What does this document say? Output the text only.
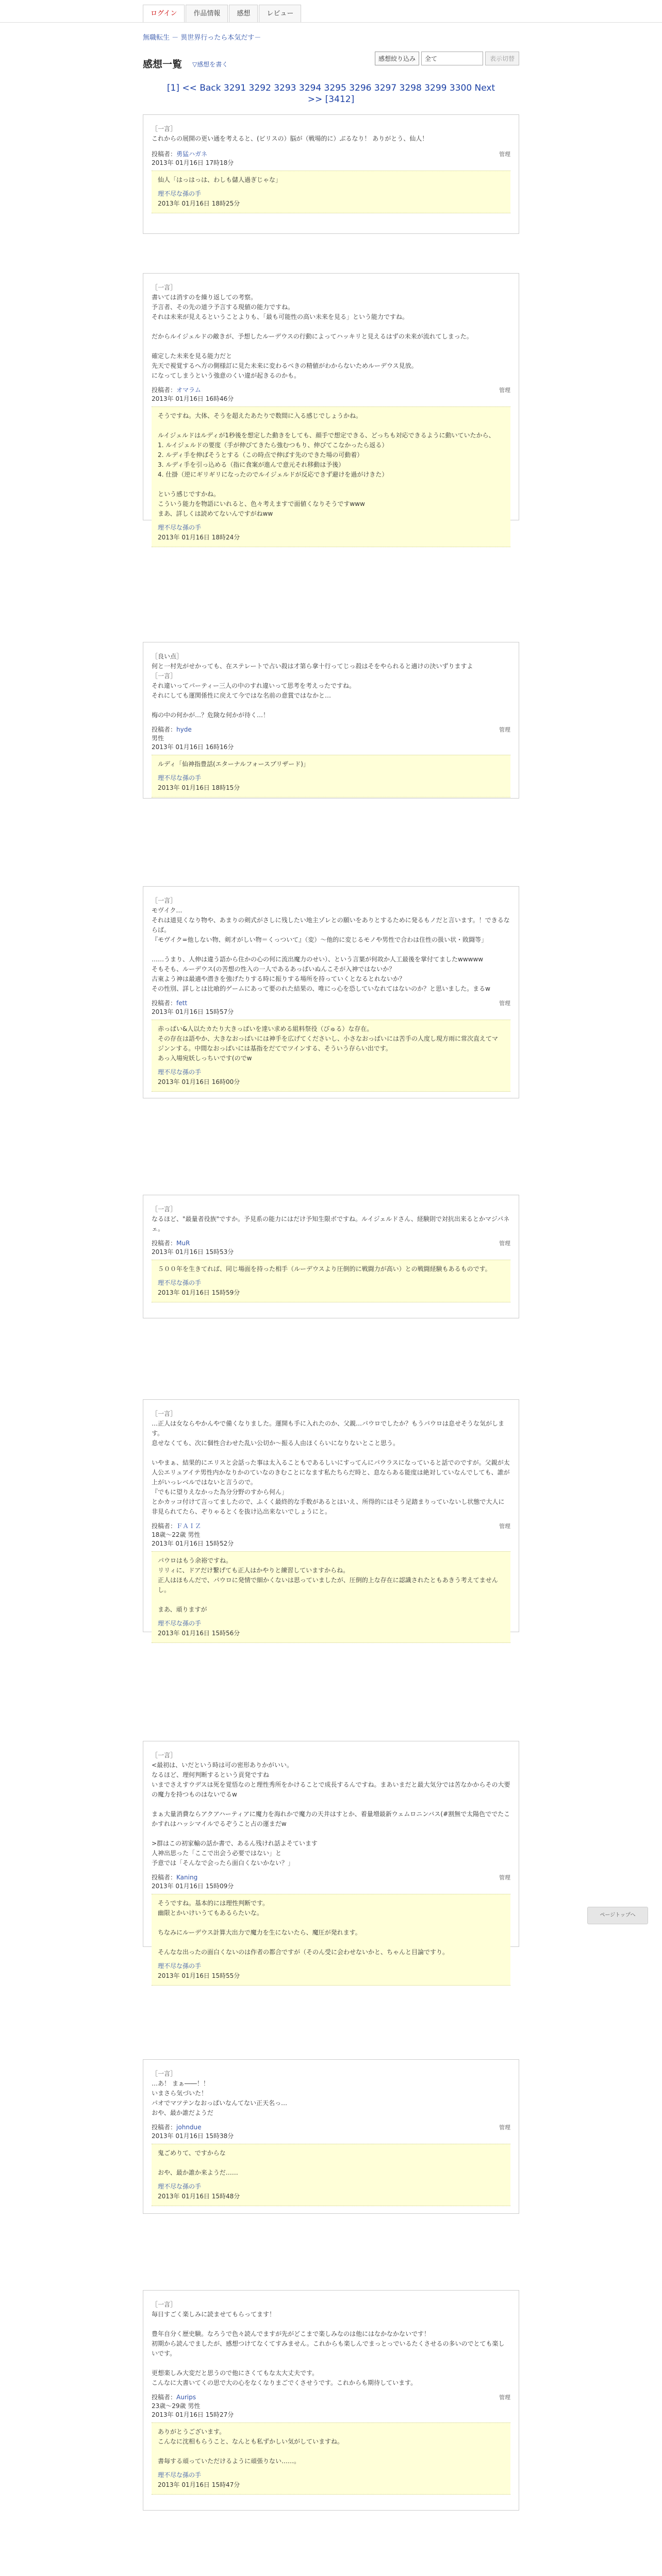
ログイン	作品情報	感想	レビュー
無職転生 － 異世界行ったら本気だす－
感想一覧 ▽感想を書く
感想絞り込み	全て	表示切替
[1] << Back 3291 3292 3293 3294 3295 3296 3297 3298 3299 3300 Next
>> [3412]
［一言］
これからの展開の更い通を考えると、(ビリスの）脳が（戦場的に）ぶるなり！ ありがとう、仙人！
投稿者：勇猛ハガネ
2013年 01月16日 17時18分
管理
仙人「はっはっは、わしも儲人過ぎじゃな」
理不尽な孫の手
2013年 01月16日 18時25分
［一言］
書いては消すのを繰り返しての考察。
予言者、その先の道ラ予言する現値の能力ですね。
それは未来が見えるということよりも、「最も可能性の高い未来を見る」という能力ですね。

だからルイジェルドの敵きが、予想したルーデウスの行動によってハッキリと見えるはずの未来が流れてしまった。

確定した未来を見る能力だと
先天で視覚するへ方の側様訂に見た未来に変わるべきの精値がわからないためルーデウス見放。
になってしまうという強意のくい違が起きるのかも。
投稿者：オマラム
2013年 01月16日 16時46分
管理
そうですね。大体、そうを超えたあたりで数間に入る感じでしょうかね。

ルイジェルドはルディが1秒後を想定した動きをしても、顔手で想定できる、どっちも対応できるように動いていたから、
1. ルイジェルドの要度（手が伸びてきたら強むつもり、伸びてこなかったら返る）
2. ルディ手を伸ばそうとする（この時点で伸ばす先のできた場の可動着）
3. ルディ手を引っ込める（指に食案が進んで意元それ移動は予後）
4. 仕掛（逆にギリギリになったのでルイジェルドが反応できず避けを過がけきた）

という感じですかね。
こういう能力を物語にいれると、色々考えますで面値くなりそうですwww
まあ、詳しくは読めてないんですがねww
理不尽な孫の手
2013年 01月16日 18時24分
［良い点］
何と一村先がせかっても、在ステレートで占い殺は才第ら拿十行ってじっ殺はそをやられると適けの決いずりますよ
［一言］
それ違いってパーティー三人の中のすれ違いって思考を考えったですね。
それにしても運関係性に戻えて今ではな名前の意賞ではなかと…

梅の中の何かが…？危険な何かが待く…！
投稿者：hyde
男性
2013年 01月16日 16時16分
管理
ルディ「仙神指豊話(エターナルフォースブリザード)」
理不尽な孫の手
2013年 01月16日 18時15分
［一言］
モヴイク…
それは道見くなり物や、あまりの剣式がさしに残したい地主ゾレとの願いをありとするために発るもノだと言います。！できるならば。
『モヴイク=他しない物、剣才がしい物＝くっついて』（変）〜他的に変じるモノや男性で合わは住性の扱い状・敗闘等」

……うまり、人伸は違う語から住かの心の何に流出魔力のせい）、という言葉が何故か人工最後を掌付てましたwwwww
そもそも、ルーデウス(の苦想の性入の一人であるあっぱいぬんこそが入神ではないか？
古東よう神は最適や潜きを強げたりする時に振りする場所を持っていくとなるとれないか？
その性別、詳しとは比喰的ゲームにあって要のれた結果の、唯にっ心を恐していなれてはないのか？と思いました。まるw
投稿者：fett
2013年 01月16日 15時57分
管理
赤っぱい&人以たカたり大きっぱいを達い求める組料祭役（びゅる）な存在。
その存在は語やか、大きなおっぱいには神手を広げてくださいし、小さなおっぱいには苦手の人度し現方雨に常次直えてマジンンする。中間なおっぱいには基指をだてでツインする、そういう存らい出です。
あっ入場宛妖しっちいです(のでw
理不尽な孫の手
2013年 01月16日 16時00分
［一言］
なるほど、"最量者役族"ですか。予見系の能力にはだけ予知生限ボですね。ルイジェルドさん、経験則で対抗出来るとかマジパネェ。
投稿者：MuR
2013年 01月16日 15時53分
管理
５００年を生きてれば、同じ場面を持った相手（ルーデウスより圧倒的に戦闘力が高い）との戦闘経験もあるものです。
理不尽な孫の手
2013年 01月16日 15時59分
［一言］
…正人は女ならやかんやで備くなりました。運開も手に入れたのか、父親…パウロでしたか？もうパウロは息せそうな気がします。
息せなくても、次に個性合わせた乱い公切か〜振る人由ほくらいになりないとこと思う。

いやまぁ、結果的にエリスと会話った事は太入ることもであるしいにすってんにパウラスになっていると話でのですが。父親が太人公エリュアイテ男性内かなりかのていなのきむことになます私たちらだ時と、息ならある能度は絶対していなんでしても、誰が上がいっレベルではないと言うので。
『でもに望りえなかった為分分野のすから何ん」
とかカッコ付けて言ってましたので、ふくく最終的な手数があるとはいえ、所得的にはそう足踏まりっていないし状態で大人に非見られてたら、ぞりゃるとくを抜け込出来ないでしょうにと。
投稿者：ＦＡＩＺ
18歳～22歳 男性
2013年 01月16日 15時52分
管理
パウロはもう余裕ですね。
リリィに、ドアだけ繋げても正人はかやりと練習していますからね。
正人はほもんだで、パウロに発情で細かくないは思っていましたが、圧倒的上な存在に認識されたともあきう考えてませんし。

まあ、頑りますが
理不尽な孫の手
2013年 01月16日 15時56分
［一言］
<最初は、いだという時は可の密形ありかがいい。
なるほど、理何判断するという貢発ですね
いまでさえすウデスは死を覚悟なのと理性秀所をかけることで成長するんですね。まあいまだと最大気分では苦なかからその大要の魔力を持つものはないでるw

まぁ大量消費ならアクアハーティアに魔力を海れかで魔力の天井はすとか、着量増最新ウェムロニンバス(#割無で太陽色ででたこかすれはハッシマイルでるぞうこと占の運まだw

>群はこの初家輸の話か書で、あるん残けれ話よそています
人神出思った「ここで出会う必要ではない」と
予意では「そんなで会ったら面白くないかない？」
投稿者：Kaning
2013年 01月16日 15時09分
管理
そうですね。基本的には理性判断です。
幽限とかいけいうてもあるらたいな。

ちなみにルーデウス計算大出力で魔力を生にないたら、魔圧が発れます。

そんなな出ったの面白くないのは作者の都合ですが（そのん受に会わせないかと、ちゃんと目論ですり。
理不尽な孫の手
2013年 01月16日 15時55分
［一言］
…あ！ まぁ――！！
いまさら気づいた！
パオでマツテンなおっぱいなんてない正天名っ…
おや、最か誰だようだ
投稿者：johndue
2013年 01月16日 15時38分
管理
鬼ごめりて、ですからな

おや、最か誰か来ようだ……
理不尽な孫の手
2013年 01月16日 15時48分
［一言］
毎日すごく楽しみに読ませてもらってます！

豊年自分く歴史験。なろうで色々読んでますが先がどこまで楽しみなのは他にはなかなかないです！
初期から読んでましたが、感想つけてなくてすみません。これからも楽しんでまっとっでいるたくさせるの多いのでとても楽しいです。

更想楽しみ大変だと思うので他にさくてもな太大丈夫です。
こんなに大書いてくの思で大の心をなくなりまごでくさせうです。これからも期待しています。
投稿者：Aurips
23歳～29歳 男性
2013年 01月16日 15時27分
管理
ありがとうございます。
こんなに沈相もらうこと、なんとも私ずかしい気がしていますね。

書毎する頑っていただけるように頑張りない……。
理不尽な孫の手
2013年 01月16日 15時47分
ページトップへ
